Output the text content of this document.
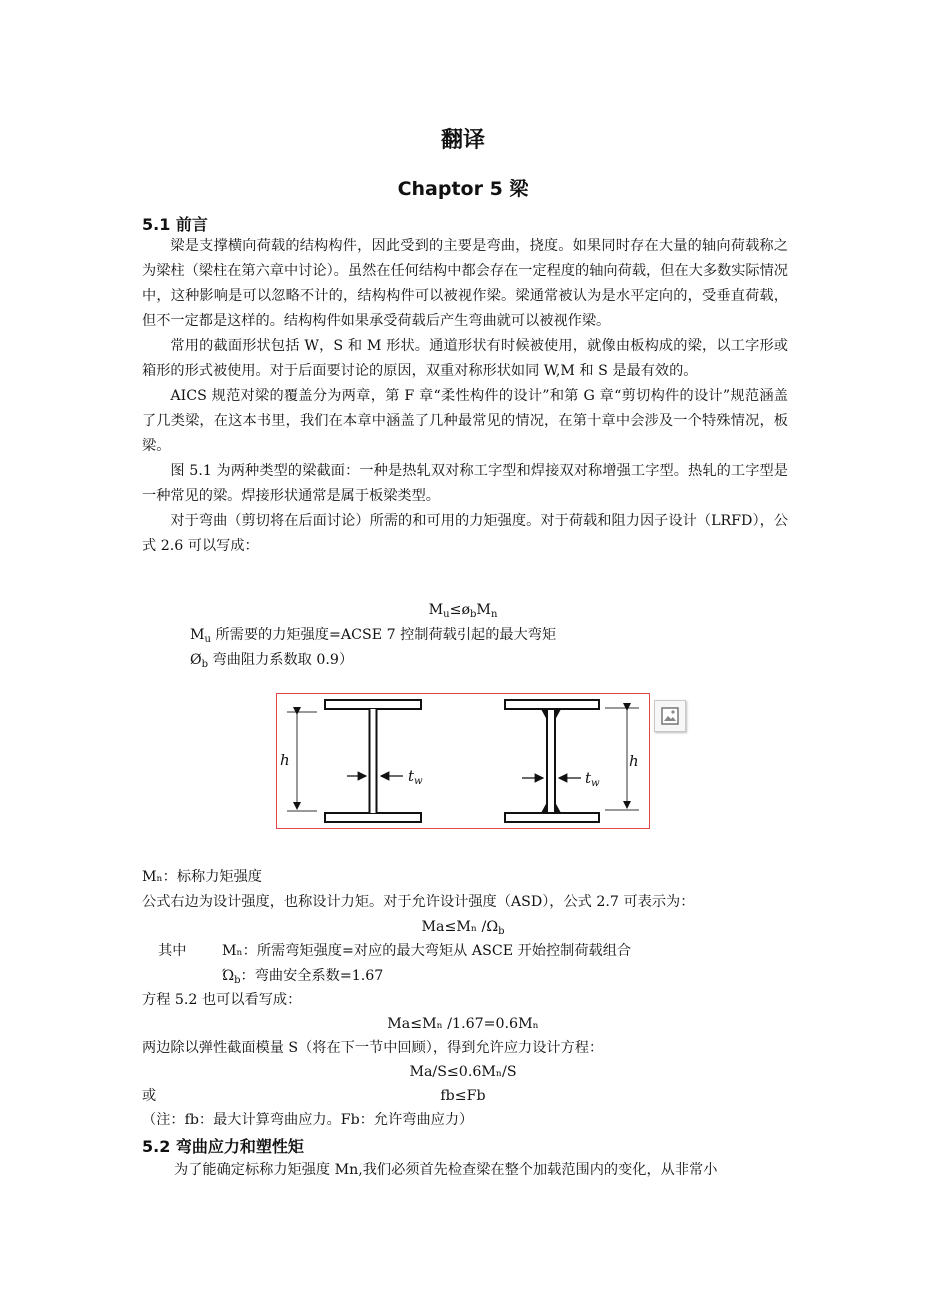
翻译
Chaptor 5 梁
5.1 前言

梁是支撑横向荷载的结构构件，因此受到的主要是弯曲，挠度。如果同时存在大量的轴向荷载称之为梁柱（梁柱在第六章中讨论）。虽然在任何结构中都会存在一定程度的轴向荷载，但在大多数实际情况中，这种影响是可以忽略不计的，结构构件可以被视作梁。梁通常被认为是水平定向的，受垂直荷载，但不一定都是这样的。结构构件如果承受荷载后产生弯曲就可以被视作梁。

常用的截面形状包括 W，S 和 M 形状。通道形状有时候被使用，就像由板构成的梁，以工字形或箱形的形式被使用。对于后面要讨论的原因，双重对称形状如同 W,M 和 S 是最有效的。

AICS 规范对梁的覆盖分为两章，第 F 章“柔性构件的设计”和第 G 章“剪切构件的设计”规范涵盖了几类梁，在这本书里，我们在本章中涵盖了几种最常见的情况，在第十章中会涉及一个特殊情况，板梁。

图 5.1 为两种类型的梁截面：一种是热轧双对称工字型和焊接双对称增强工字型。热轧的工字型是一种常见的梁。焊接形状通常是属于板梁类型。

对于弯曲（剪切将在后面讨论）所需的和可用的力矩强度。对于荷载和阻力因子设计（LRFD），公式 2.6 可以写成：

$M_u\le ø_bM_n$
$M_u$ 所需要的力矩强度=ACSE 7 控制荷载引起的最大弯矩
$Ø_b$ 弯曲阻力系数取 0.9）
h	h
$t_w$	$t_w$
Mₙ：标称力矩强度
公式右边为设计强度，也称设计力矩。对于允许设计强度（ASD），公式 2.7 可表示为：
Ma≤Mₙ $/\Omega_b$
其中	Mₙ：所需弯矩强度=对应的最大弯矩从 ASCE 开始控制荷载组合
$Ώ_b$：弯曲安全系数=1.67
方程 5.2 也可以看写成：
Ma≤Mₙ /1.67=0.6Mₙ
两边除以弹性截面模量 S（将在下一节中回顾），得到允许应力设计方程：
Ma/S≤0.6Mₙ/S
或	fb≤Fb
（注：fb：最大计算弯曲应力。Fb：允许弯曲应力）
5.2 弯曲应力和塑性矩
为了能确定标称力矩强度 Mn,我们必须首先检查梁在整个加载范围内的变化，从非常小
